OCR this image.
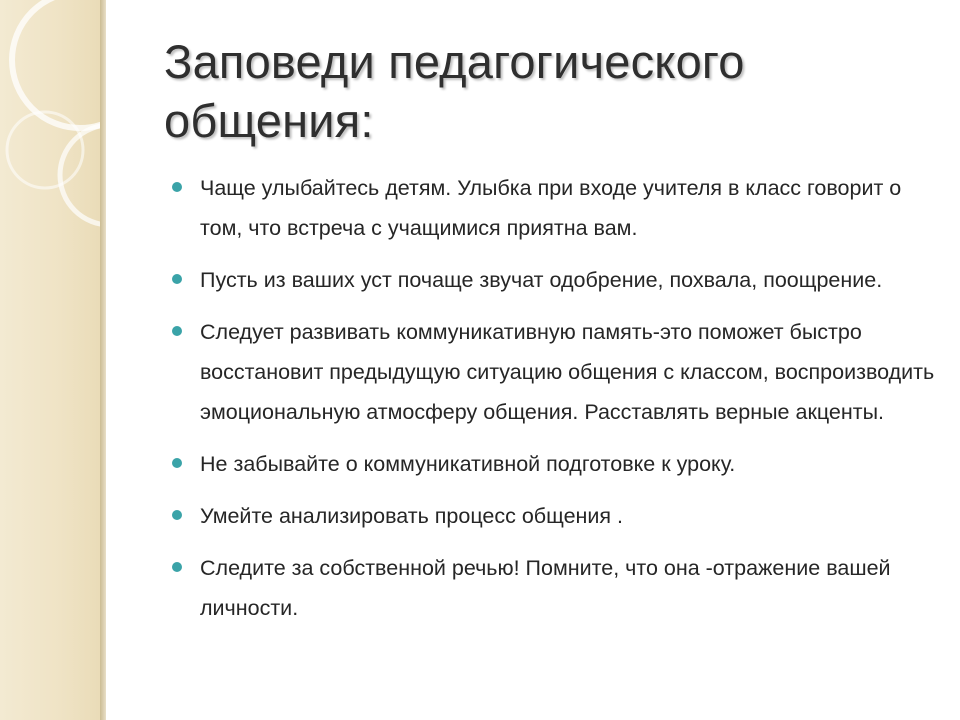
Заповеди педагогического общения:
Чаще улыбайтесь детям. Улыбка при входе учителя в класс говорит о том, что встреча с учащимися приятна вам.
Пусть из ваших уст почаще звучат одобрение, похвала, поощрение.
Следует развивать коммуникативную память-это поможет быстро восстановит предыдущую ситуацию общения с классом, воспроизводить эмоциональную атмосферу общения. Расставлять верные акценты.
Не забывайте о коммуникативной подготовке к уроку.
Умейте анализировать процесс общения .
Следите за собственной речью! Помните, что она -отражение вашей личности.
